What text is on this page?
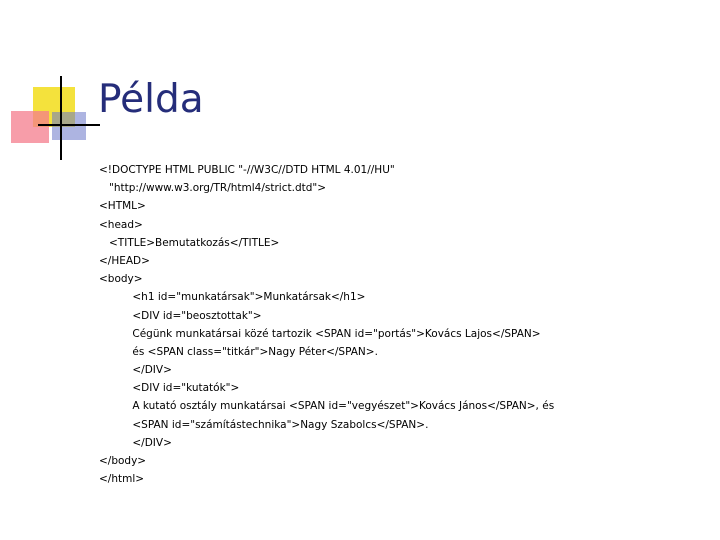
Példa
<!DOCTYPE HTML PUBLIC "-//W3C//DTD HTML 4.01//HU"
"http://www.w3.org/TR/html4/strict.dtd">
<HTML>
<head>
<TITLE>Bemutatkozás</TITLE>
</HEAD>
<body>
<h1 id="munkatársak">Munkatársak</h1>
<DIV id="beosztottak">
Cégünk munkatársai közé tartozik <SPAN id="portás">Kovács Lajos</SPAN>
és <SPAN class="titkár">Nagy Péter</SPAN>.
</DIV>
<DIV id="kutatók">
A kutató osztály munkatársai <SPAN id="vegyészet">Kovács János</SPAN>, és
<SPAN id="számítástechnika">Nagy Szabolcs</SPAN>.
</DIV>
</body>
</html>
